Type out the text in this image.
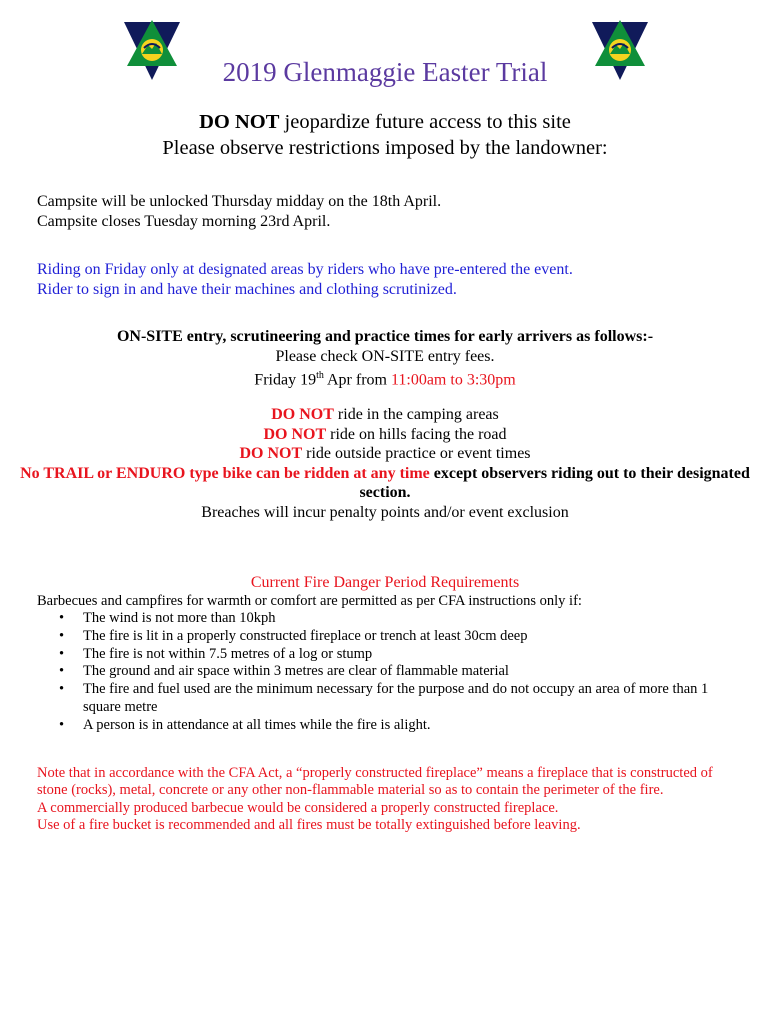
2019 Glenmaggie Easter Trial
DO NOT jeopardize future access to this site
Please observe restrictions imposed by the landowner:
Campsite will be unlocked Thursday midday on the 18th April.
Campsite closes Tuesday morning 23rd April.
Riding on Friday only at designated areas by riders who have pre-entered the event.
Rider to sign in and have their machines and clothing scrutinized.
ON-SITE entry, scrutineering and practice times for early arrivers as follows:-
Please check ON-SITE entry fees.
Friday 19th Apr from 11:00am to 3:30pm
DO NOT ride in the camping areas
DO NOT ride on hills facing the road
DO NOT ride outside practice or event times
No TRAIL or ENDURO type bike can be ridden at any time except observers riding out to their designated section.
Breaches will incur penalty points and/or event exclusion
Current Fire Danger Period Requirements
Barbecues and campfires for warmth or comfort are permitted as per CFA instructions only if:
• The wind is not more than 10kph
• The fire is lit in a properly constructed fireplace or trench at least 30cm deep
• The fire is not within 7.5 metres of a log or stump
• The ground and air space within 3 metres are clear of flammable material
• The fire and fuel used are the minimum necessary for the purpose and do not occupy an area of more than 1 square metre
• A person is in attendance at all times while the fire is alight.
Note that in accordance with the CFA Act, a “properly constructed fireplace” means a fireplace that is constructed of stone (rocks), metal, concrete or any other non-flammable material so as to contain the perimeter of the fire.
A commercially produced barbecue would be considered a properly constructed fireplace.
Use of a fire bucket is recommended and all fires must be totally extinguished before leaving.
